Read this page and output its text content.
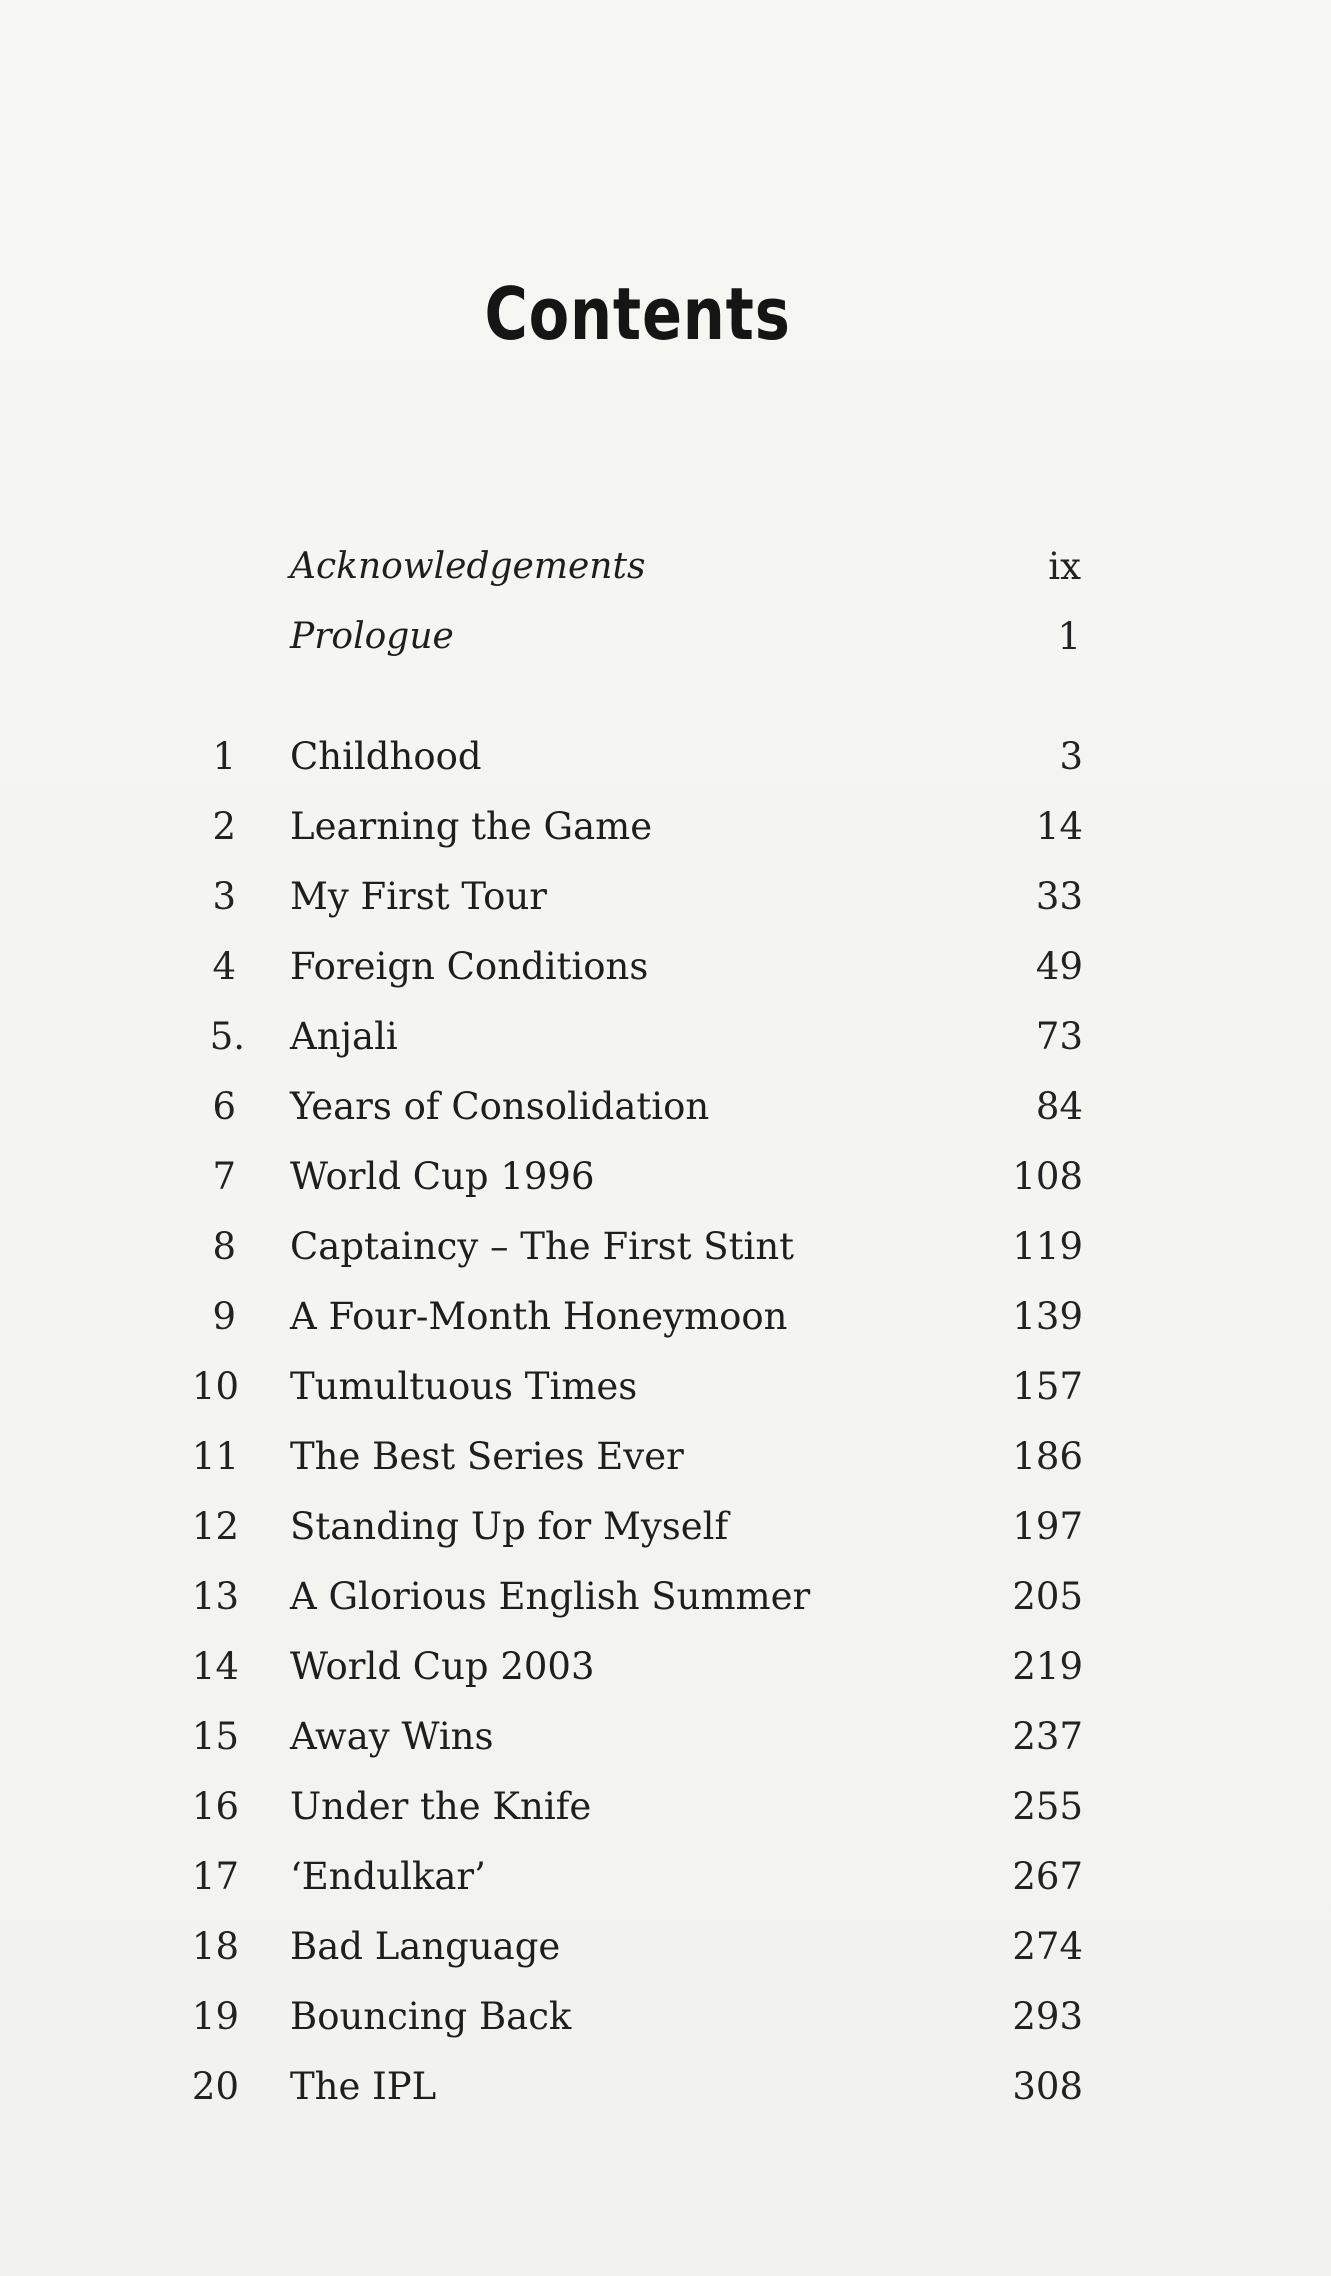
Contents
Acknowledgements	ix
Prologue	1
1 Childhood	3
2 Learning the Game	14
3 My First Tour	33
4 Foreign Conditions	49
5. Anjali	73
6 Years of Consolidation	84
7 World Cup 1996	108
8 Captaincy – The First Stint	119
9 A Four-Month Honeymoon	139
10 Tumultuous Times	157
11 The Best Series Ever	186
12 Standing Up for Myself	197
13 A Glorious English Summer	205
14 World Cup 2003	219
15 Away Wins	237
16 Under the Knife	255
17 ‘Endulkar’	267
18 Bad Language	274
19 Bouncing Back	293
20 The IPL	308
